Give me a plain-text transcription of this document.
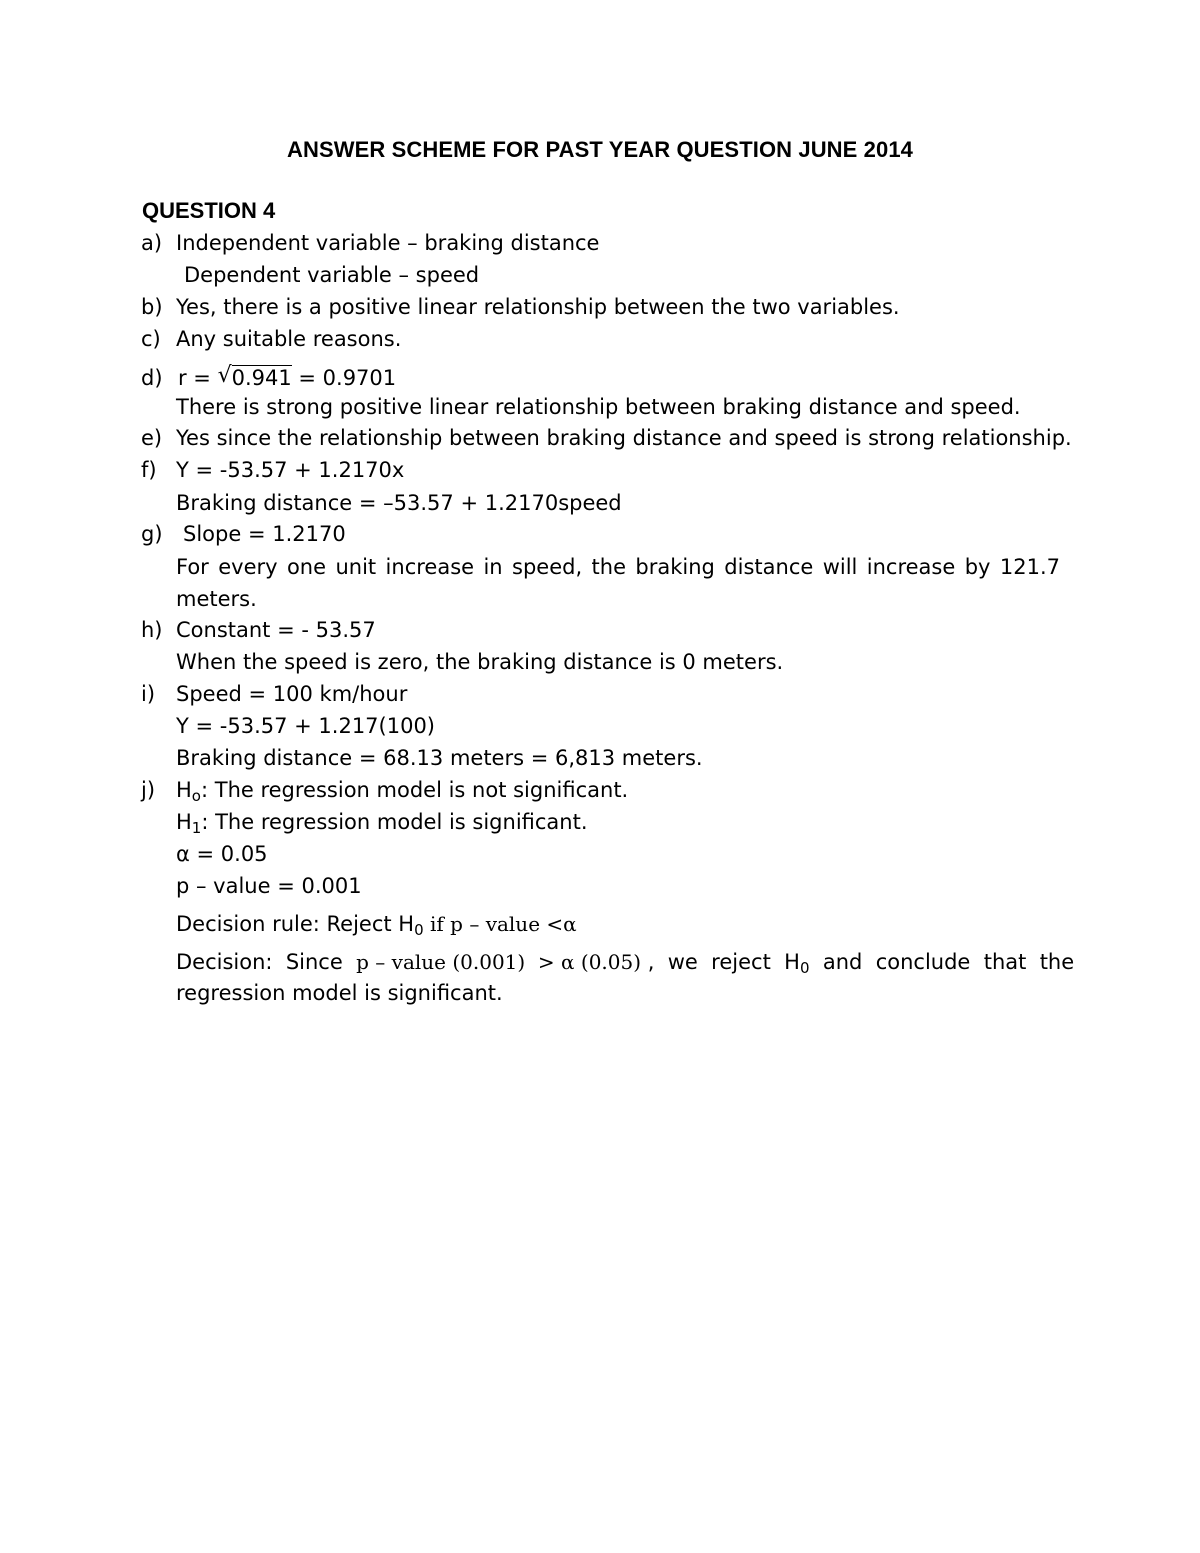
ANSWER SCHEME FOR PAST YEAR QUESTION JUNE 2014
QUESTION 4
a) Independent variable – braking distance
Dependent variable – speed
b) Yes, there is a positive linear relationship between the two variables.
c) Any suitable reasons.
d) r = √ 0.941 = 0.9701
There is strong positive linear relationship between braking distance and speed.
e) Yes since the relationship between braking distance and speed is strong relationship.
f) Y = -53.57 + 1.2170x
Braking distance = –53.57 + 1.2170speed
g) Slope = 1.2170
For every one unit increase in speed, the braking distance will increase by 121.7 meters.
h) Constant = - 53.57
When the speed is zero, the braking distance is 0 meters.
i) Speed = 100 km/hour
Y = -53.57 + 1.217(100)
Braking distance = 68.13 meters = 6,813 meters.
j) $H_o$: The regression model is not significant.
$H_1$: The regression model is significant.
α = 0.05
p – value = 0.001
Decision rule: Reject $H_0$ if p – value <α
Decision:  Since  p – value (0.001)  > α (0.05) ,  we  reject  $H_0$  and  conclude  that  the
regression model is significant.
